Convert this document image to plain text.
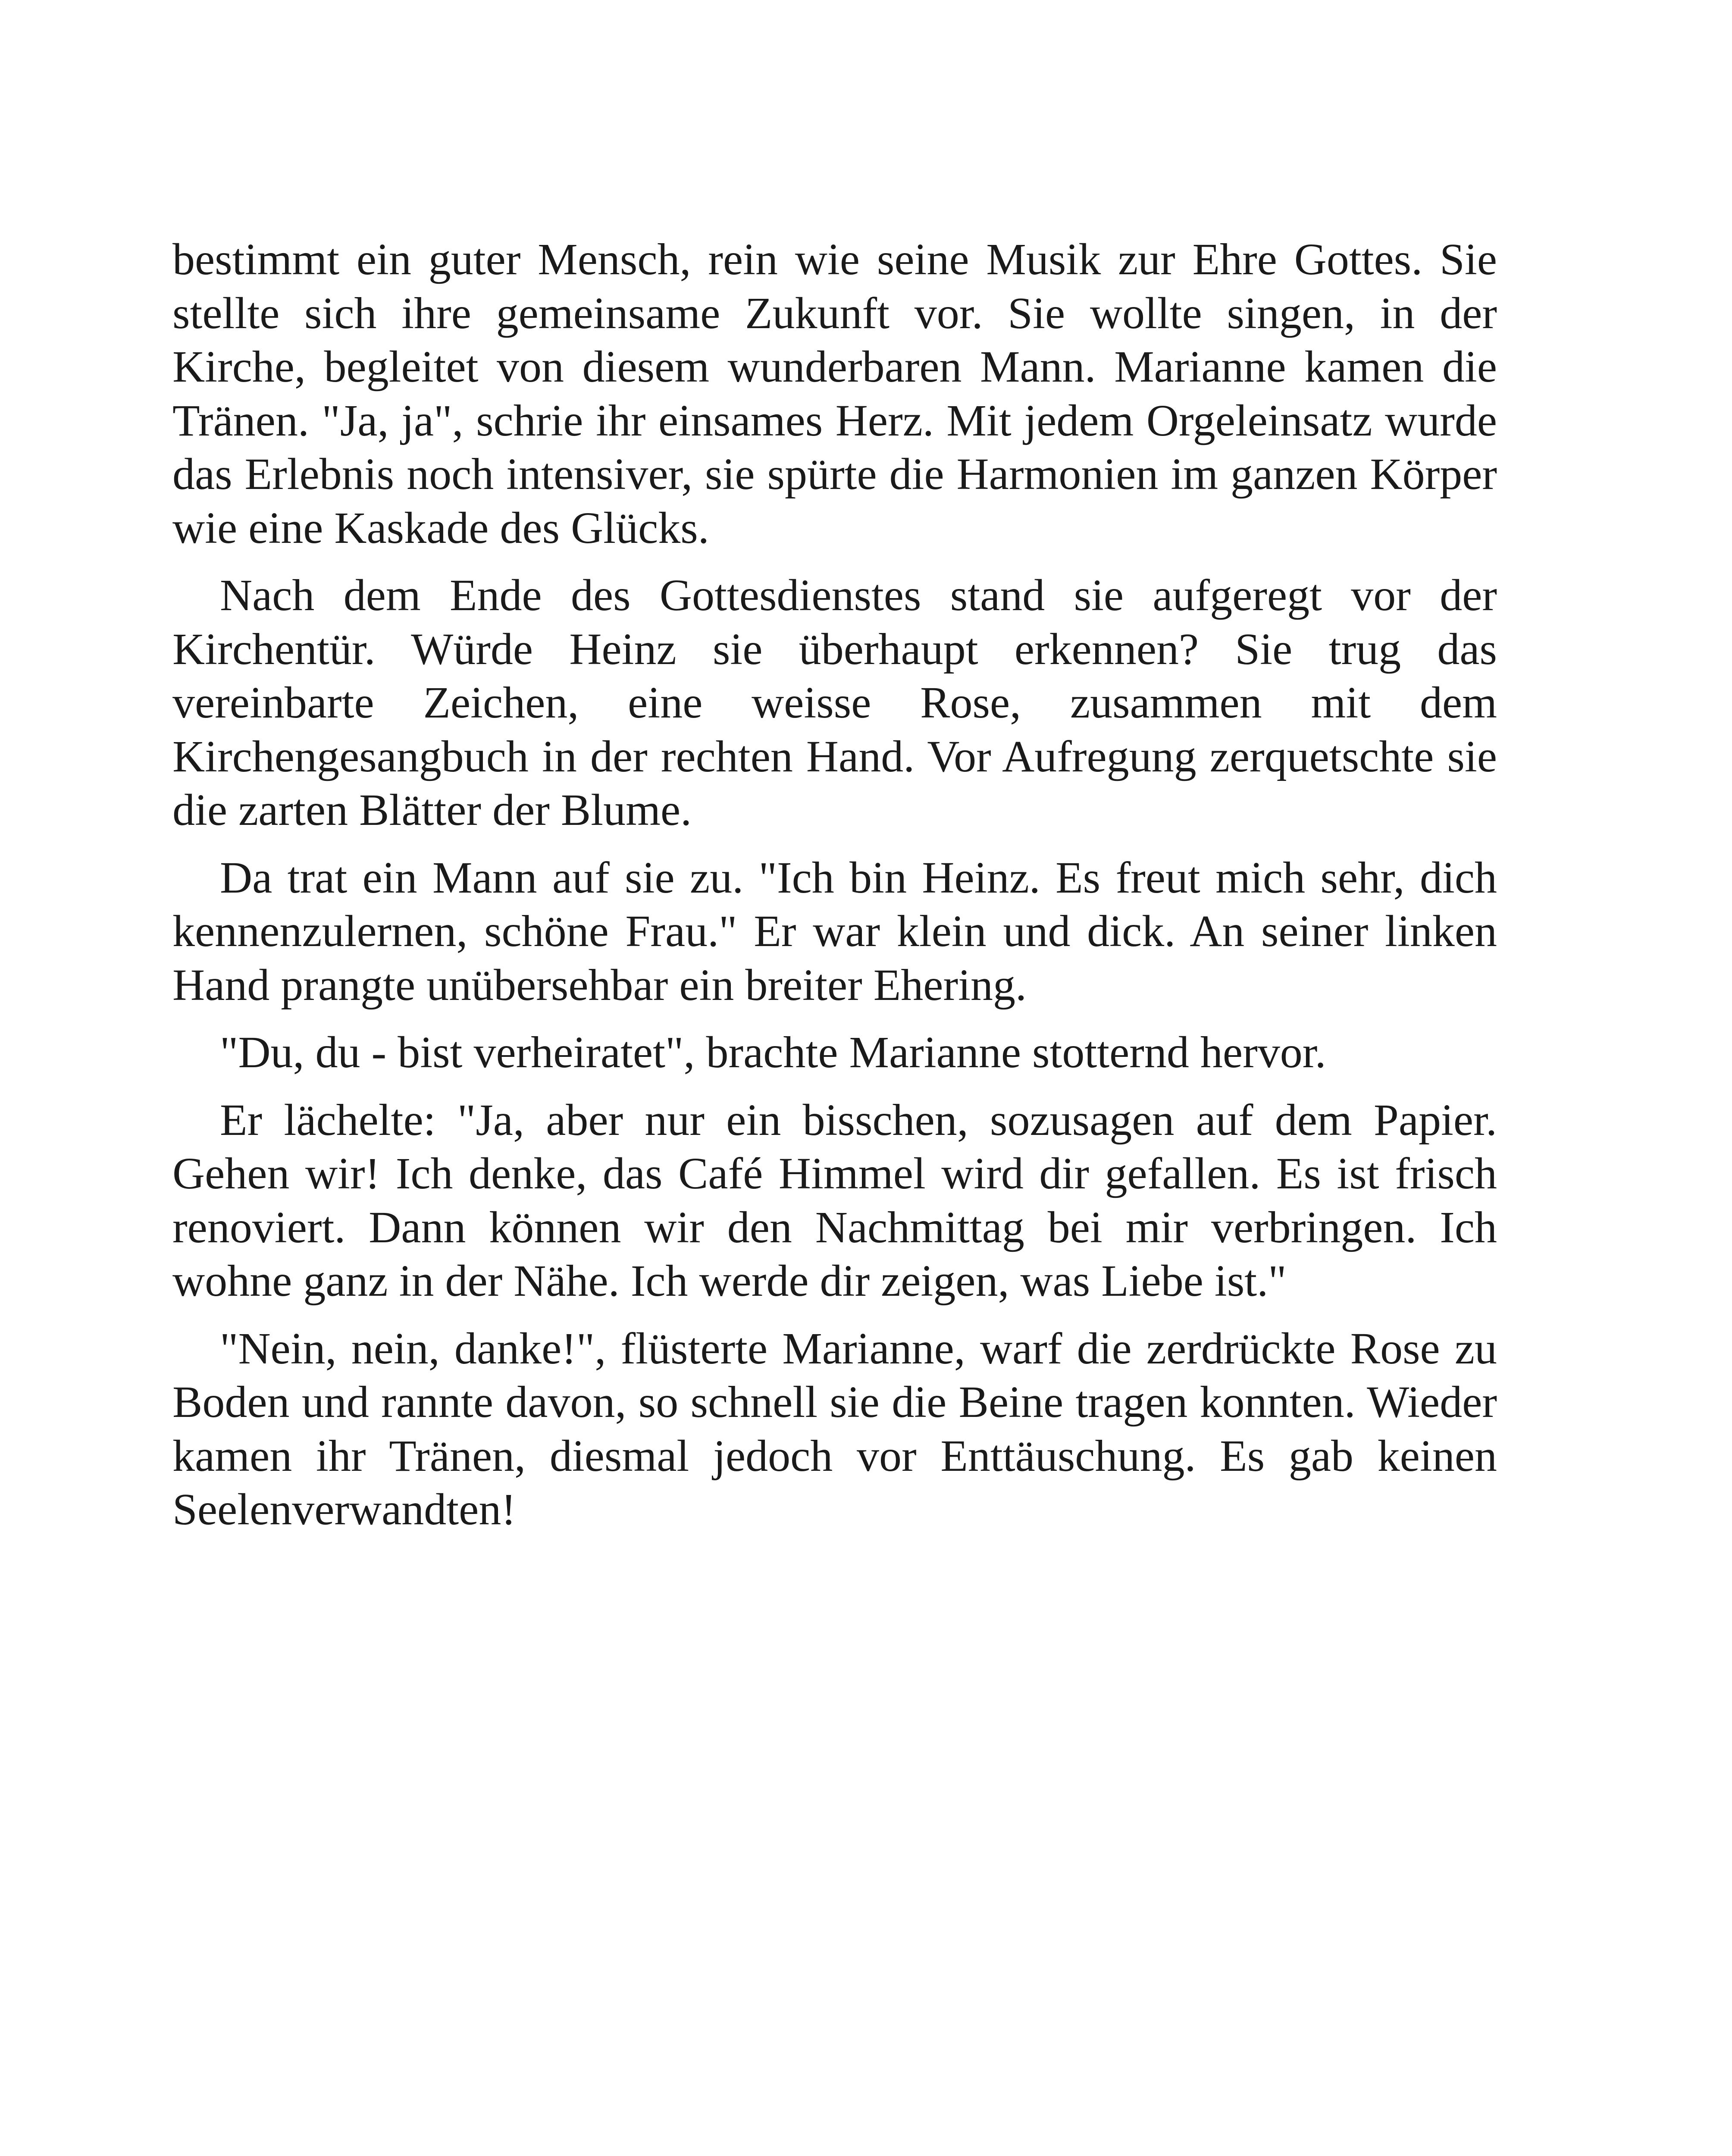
bestimmt ein guter Mensch, rein wie seine Musik zur Ehre Gottes. Sie stellte sich ihre gemeinsame Zukunft vor. Sie wollte singen, in der Kirche, begleitet von diesem wunderbaren Mann. Marianne kamen die Tränen. "Ja, ja", schrie ihr einsames Herz. Mit jedem Orgeleinsatz wurde das Erlebnis noch intensiver, sie spürte die Harmonien im ganzen Körper wie eine Kaskade des Glücks.

Nach dem Ende des Gottesdienstes stand sie aufgeregt vor der Kirchentür. Würde Heinz sie überhaupt erkennen? Sie trug das vereinbarte Zeichen, eine weisse Rose, zusammen mit dem Kirchengesangbuch in der rechten Hand. Vor Aufregung zerquetschte sie die zarten Blätter der Blume.

Da trat ein Mann auf sie zu. "Ich bin Heinz. Es freut mich sehr, dich kennenzulernen, schöne Frau." Er war klein und dick. An seiner linken Hand prangte unübersehbar ein breiter Ehering.

"Du, du - bist verheiratet", brachte Marianne stotternd hervor.

Er lächelte: "Ja, aber nur ein bisschen, sozusagen auf dem Papier. Gehen wir! Ich denke, das Café Himmel wird dir gefallen. Es ist frisch renoviert. Dann können wir den Nachmittag bei mir verbringen. Ich wohne ganz in der Nähe. Ich werde dir zeigen, was Liebe ist."

"Nein, nein, danke!", flüsterte Marianne, warf die zerdrückte Rose zu Boden und rannte davon, so schnell sie die Beine tragen konnten. Wieder kamen ihr Tränen, diesmal jedoch vor Enttäuschung. Es gab keinen Seelenverwandten!
